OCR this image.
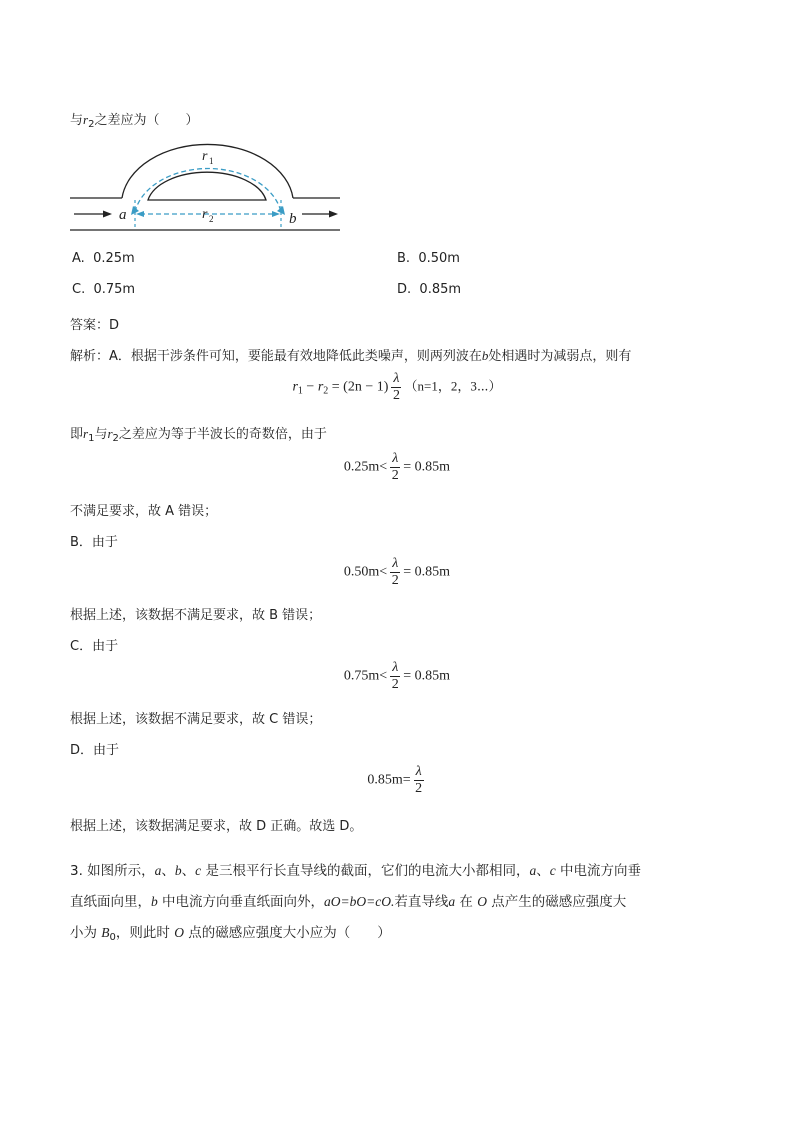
与$r_2$之差应为（　　）
r 1
r 2
a	b
A. 0.25m	B. 0.50m
C. 0.75m	D. 0.85m
答案：D
解析：A．根据干涉条件可知，要能最有效地降低此类噪声，则两列波在b处相遇时为减弱点，则有
$r_1 - r_2 = (2n - 1) \frac{\lambda}{2} (n=1$，2，3⋯）
即$r_1$与$r_2$之差应为等于半波长的奇数倍，由于
$0.25m< \frac{\lambda}{2} = 0.85m$
不满足要求，故 A 错误；
B．由于
$0.50m< \frac{\lambda}{2} = 0.85m$
根据上述，该数据不满足要求，故 B 错误；
C．由于
$0.75m< \frac{\lambda}{2} = 0.85m$
根据上述，该数据不满足要求，故 C 错误；
D．由于
$0.85m= \frac{\lambda}{2}$
根据上述，该数据满足要求，故 D 正确。故选 D。
3. 如图所示，a、b、c 是三根平行长直导线的截面，它们的电流大小都相同，a、c 中电流方向垂
直纸面向里，b 中电流方向垂直纸面向外，aO=bO=cO.若直导线a 在 O 点产生的磁感应强度大
小为 $B_0$，则此时 O 点的磁感应强度大小应为（　　）
